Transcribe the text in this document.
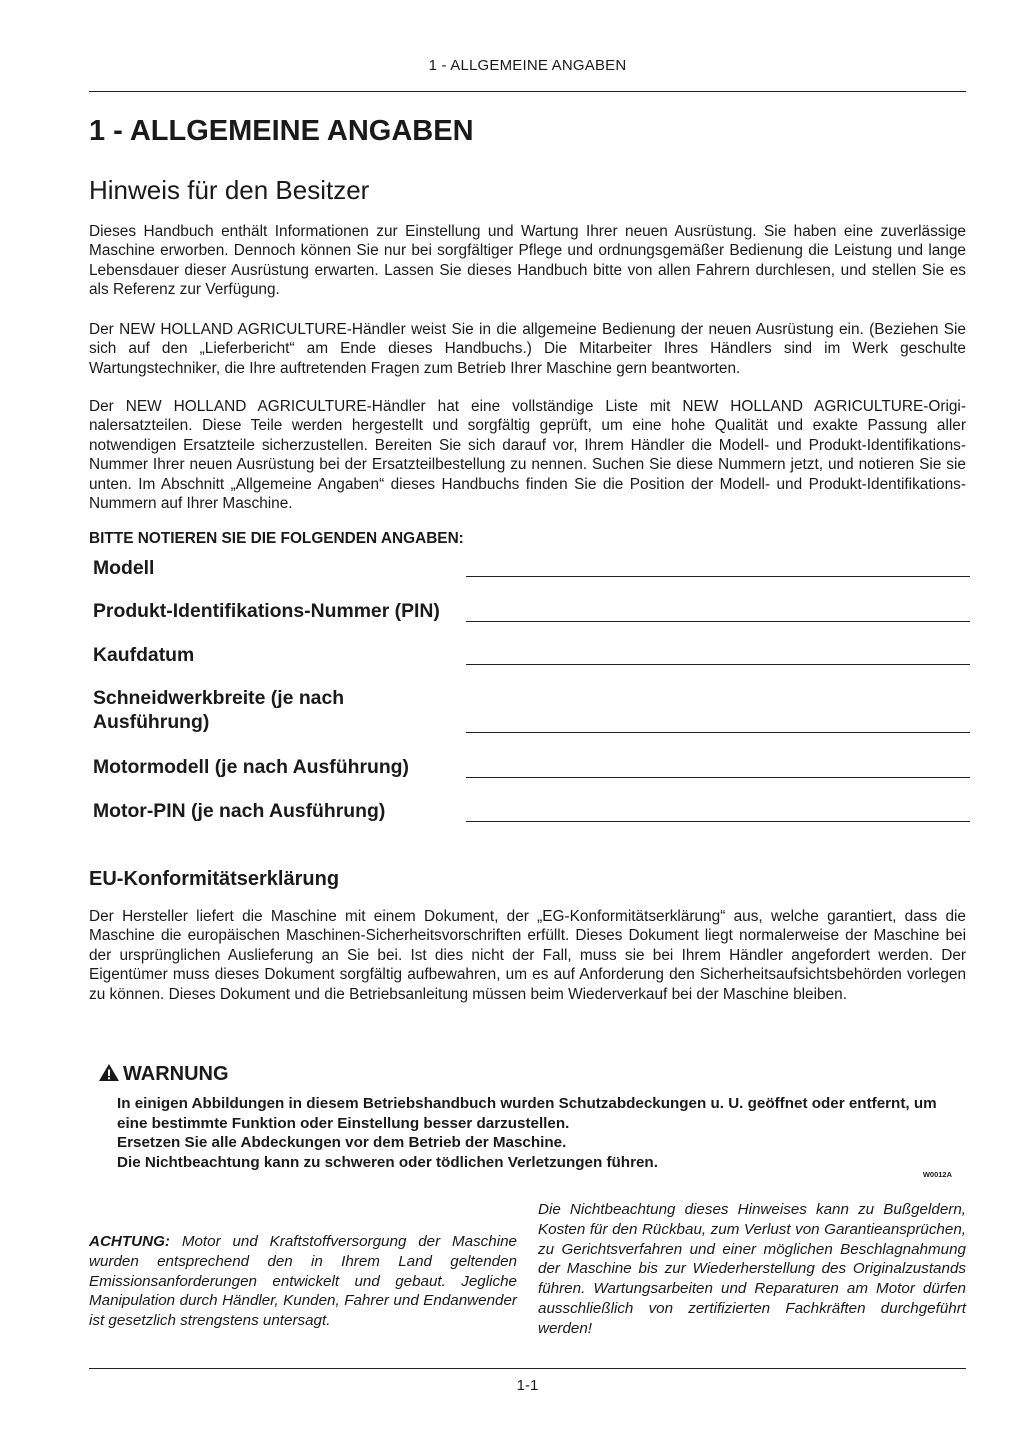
1 - ALLGEMEINE ANGABEN
1 - ALLGEMEINE ANGABEN
Hinweis für den Besitzer

Dieses Handbuch enthält Informationen zur Einstellung und Wartung Ihrer neuen Ausrüstung. Sie haben eine zuverlässige Maschine erworben. Dennoch können Sie nur bei sorgfältiger Pflege und ordnungsgemäßer Bedienung die Leistung und lange Lebensdauer dieser Ausrüstung erwarten. Lassen Sie dieses Handbuch bitte von allen Fahrern durchlesen, und stellen Sie es als Referenz zur Verfügung.

Der NEW HOLLAND AGRICULTURE-Händler weist Sie in die allgemeine Bedienung der neuen Ausrüstung ein. (Beziehen Sie sich auf den „Lieferbericht“ am Ende dieses Handbuchs.) Die Mitarbeiter Ihres Händlers sind im Werk geschulte Wartungstechniker, die Ihre auftretenden Fragen zum Betrieb Ihrer Maschine gern beantworten.

Der NEW HOLLAND AGRICULTURE-Händler hat eine vollständige Liste mit NEW HOLLAND AGRICULTURE-Originalersatzteilen. Diese Teile werden hergestellt und sorgfältig geprüft, um eine hohe Qualität und exakte Passung aller notwendigen Ersatzteile sicherzustellen. Bereiten Sie sich darauf vor, Ihrem Händler die Modell- und Produkt-Identifikations-Nummer Ihrer neuen Ausrüstung bei der Ersatzteilbestellung zu nennen. Suchen Sie diese Nummern jetzt, und notieren Sie sie unten. Im Abschnitt „Allgemeine Angaben“ dieses Handbuchs finden Sie die Position der Modell- und Produkt-Identifikations-Nummern auf Ihrer Maschine.

BITTE NOTIEREN SIE DIE FOLGENDEN ANGABEN:
Modell
Produkt-Identifikations-Nummer (PIN)
Kaufdatum
Schneidwerkbreite (je nach Ausführung)
Motormodell (je nach Ausführung)
Motor-PIN (je nach Ausführung)
EU-Konformitätserklärung

Der Hersteller liefert die Maschine mit einem Dokument, der „EG-Konformitätserklärung“ aus, welche garantiert, dass die Maschine die europäischen Maschinen-Sicherheitsvorschriften erfüllt. Dieses Dokument liegt normalerweise der Maschine bei der ursprünglichen Auslieferung an Sie bei. Ist dies nicht der Fall, muss sie bei Ihrem Händler angefordert werden. Der Eigentümer muss dieses Dokument sorgfältig aufbewahren, um es auf Anforderung den Sicherheitsaufsichtsbehörden vorlegen zu können. Dieses Dokument und die Betriebsanleitung müssen beim Wiederverkauf bei der Maschine bleiben.

WARNUNG
In einigen Abbildungen in diesem Betriebshandbuch wurden Schutzabdeckungen u. U. geöffnet oder entfernt, um eine bestimmte Funktion oder Einstellung besser darzustellen.
Ersetzen Sie alle Abdeckungen vor dem Betrieb der Maschine.
Die Nichtbeachtung kann zu schweren oder tödlichen Verletzungen führen.
W0012A

ACHTUNG: Motor und Kraftstoffversorgung der Maschine wurden entsprechend den in Ihrem Land geltenden Emissionsanforderungen entwickelt und gebaut. Jegliche Manipulation durch Händler, Kunden, Fahrer und Endanwender ist gesetzlich strengstens untersagt.

Die Nichtbeachtung dieses Hinweises kann zu Bußgeldern, Kosten für den Rückbau, zum Verlust von Garantieansprüchen, zu Gerichtsverfahren und einer möglichen Beschlagnahmung der Maschine bis zur Wiederherstellung des Originalzustands führen. Wartungsarbeiten und Reparaturen am Motor dürfen ausschließlich von zertifizierten Fachkräften durchgeführt werden!

1-1
